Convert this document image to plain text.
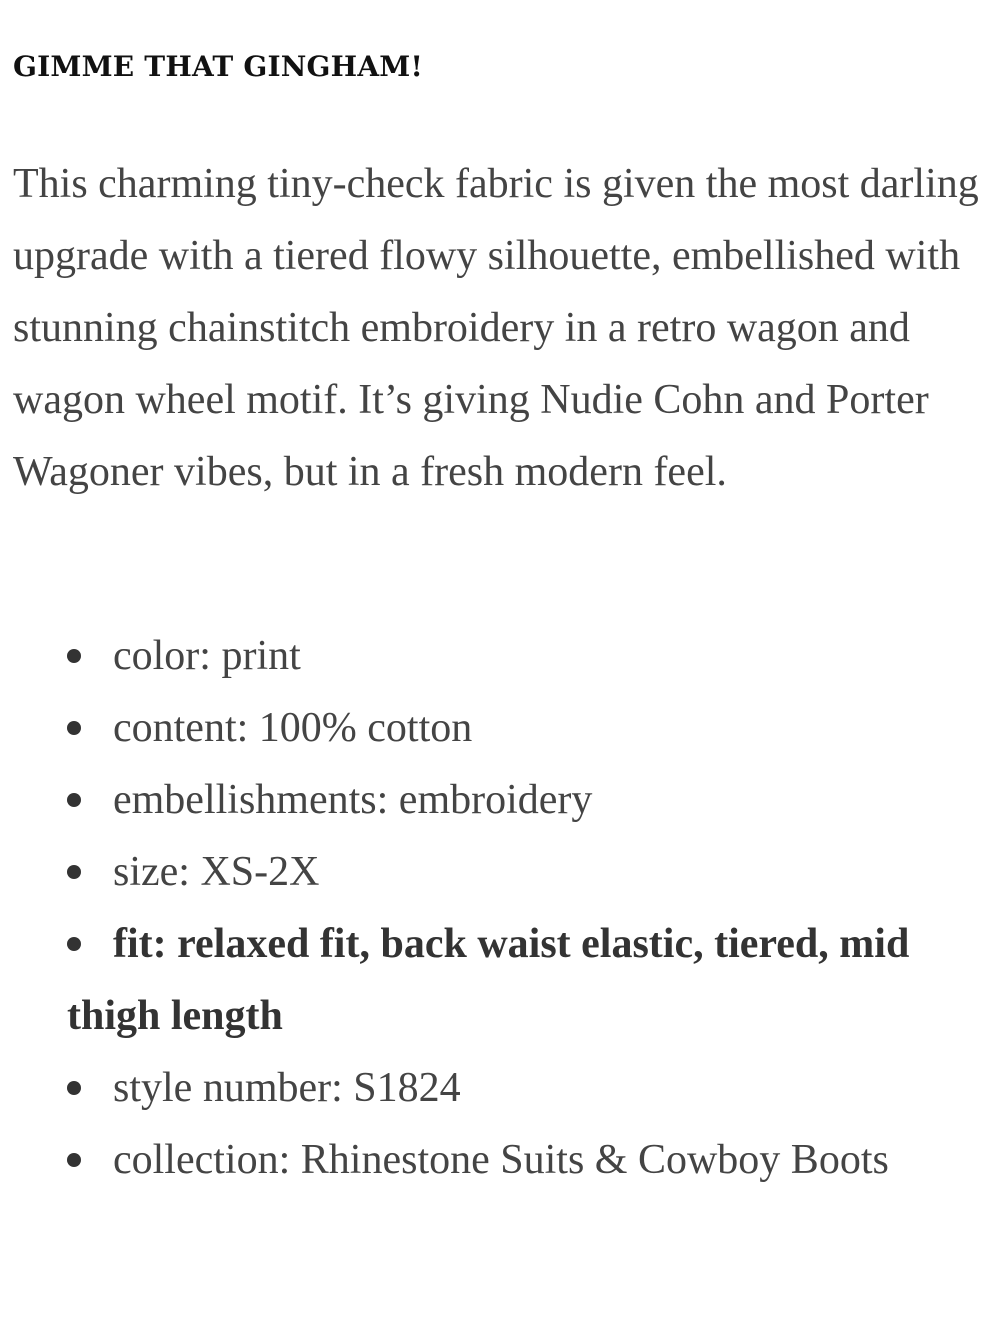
GIMME THAT GINGHAM!

This charming tiny-check fabric is given the most darling upgrade with a tiered flowy silhouette, embellished with stunning chainstitch embroidery in a retro wagon and wagon wheel motif. It’s giving Nudie Cohn and Porter Wagoner vibes, but in a fresh modern feel.

color: print
content: 100% cotton
embellishments: embroidery
size: XS-2X
fit: relaxed fit, back waist elastic, tiered, mid thigh length
style number: S1824
collection: Rhinestone Suits & Cowboy Boots
